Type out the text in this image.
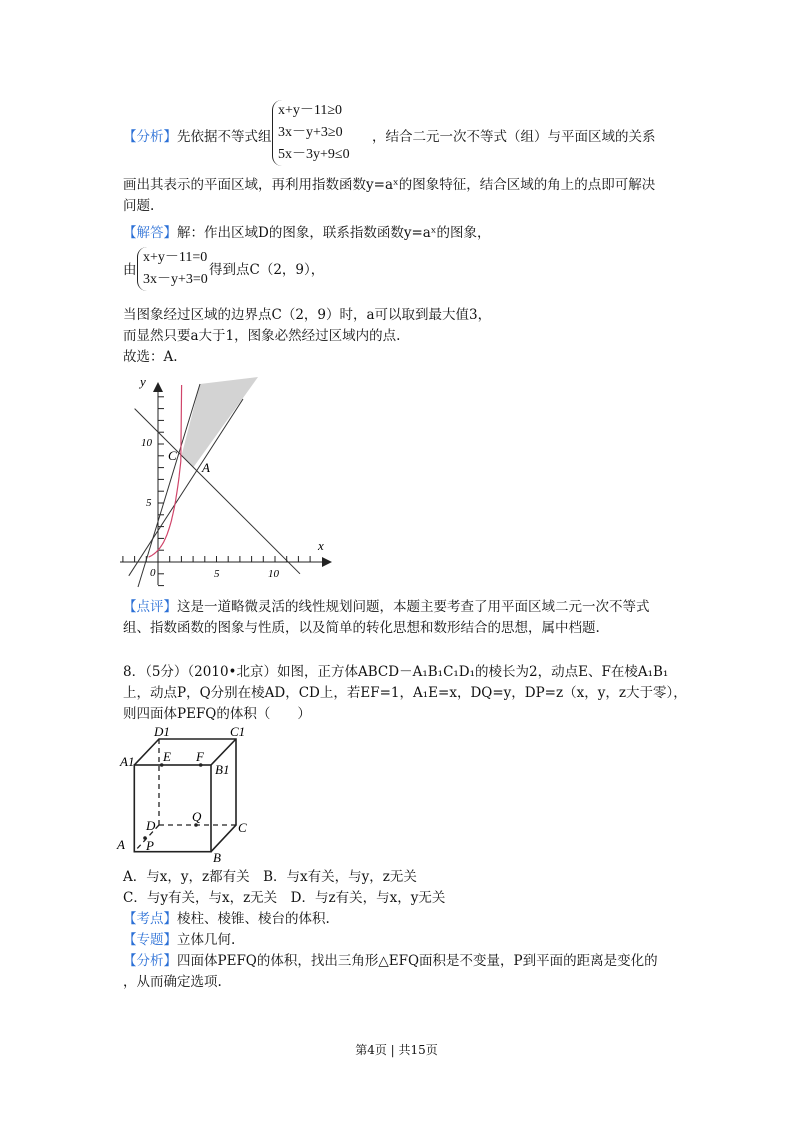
【分析】先依据不等式组
x+y－11≥0
3x－y+3≥0
5x－3y+9≤0
，结合二元一次不等式（组）与平面区域的关系
画出其表示的平面区域，再利用指数函数y=aˣ的图象特征，结合区域的角上的点即可解决
问题.
【解答】解：作出区域D的图象，联系指数函数y=aˣ的图象，
由
x+y－11=0
3x－y+3=0
得到点C（2，9），
当图象经过区域的边界点C（2，9）时，a可以取到最大值3，
而显然只要a大于1，图象必然经过区域内的点.
故选：A.
x
y
0	5	10
5
10
C
A
【点评】这是一道略微灵活的线性规划问题，本题主要考查了用平面区域二元一次不等式
组、指数函数的图象与性质，以及简单的转化思想和数形结合的思想，属中档题.
8．（5分）（2010•北京）如图，正方体ABCD－A₁B₁C₁D₁的棱长为2，动点E、F在棱A₁B₁
上，动点P，Q分别在棱AD，CD上，若EF=1，A₁E=x，DQ=y，DP=z（x，y，z大于零），
则四面体PEFQ的体积（　　）
A
B
C
D
A1
B1
C1
D1
E F
P
Q
A．与x，y，z都有关　B．与x有关，与y，z无关
C．与y有关，与x，z无关　D．与z有关，与x，y无关
【考点】棱柱、棱锥、棱台的体积.
【专题】立体几何.
【分析】四面体PEFQ的体积，找出三角形△EFQ面积是不变量，P到平面的距离是变化的
，从而确定选项.
第4页 | 共15页
